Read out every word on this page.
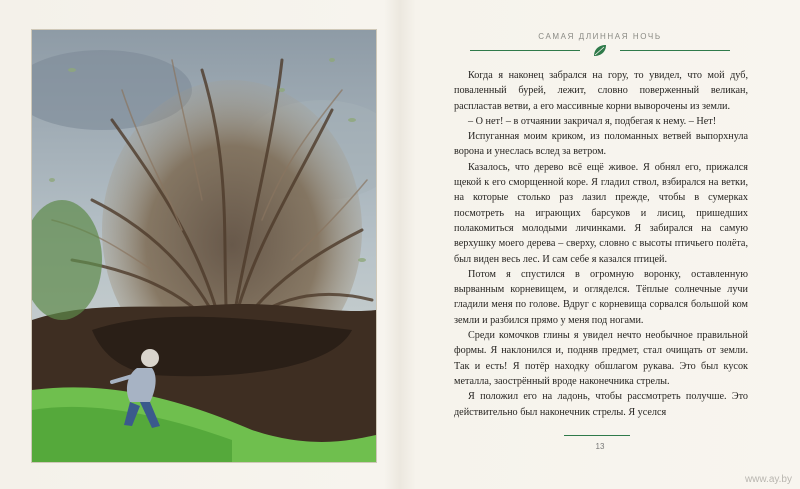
САМАЯ ДЛИННАЯ НОЧЬ

Когда я наконец забрался на гору, то увидел, что мой дуб, поваленный бурей, лежит, словно поверженный великан, распластав ветви, а его массивные корни выворочены из земли.

– О нет! – в отчаянии закричал я, подбегая к нему. – Нет!

Испуганная моим криком, из поломанных ветвей выпорхнула ворона и унеслась вслед за ветром.

Казалось, что дерево всё ещё живое. Я обнял его, прижался щекой к его сморщенной коре. Я гладил ствол, взбирался на ветки, на которые столько раз лазил прежде, чтобы в сумерках посмотреть на играющих барсуков и лисиц, пришедших полакомиться молодыми личинками. Я забирался на самую верхушку моего дерева – сверху, словно с высоты птичьего полёта, был виден весь лес. И сам себе я казался птицей.

Потом я спустился в огромную воронку, оставленную вырванным корневищем, и огляделся. Тёплые солнечные лучи гладили меня по голове. Вдруг с корневища сорвался большой ком земли и разбился прямо у меня под ногами.

Среди комочков глины я увидел нечто необычное правильной формы. Я наклонился и, подняв предмет, стал очищать от земли. Так и есть! Я потёр находку обшлагом рукава. Это был кусок металла, заострённый вроде наконечника стрелы.

Я положил его на ладонь, чтобы рассмотреть получше. Это действительно был наконечник стрелы. Я уселся

13
www.ay.by
